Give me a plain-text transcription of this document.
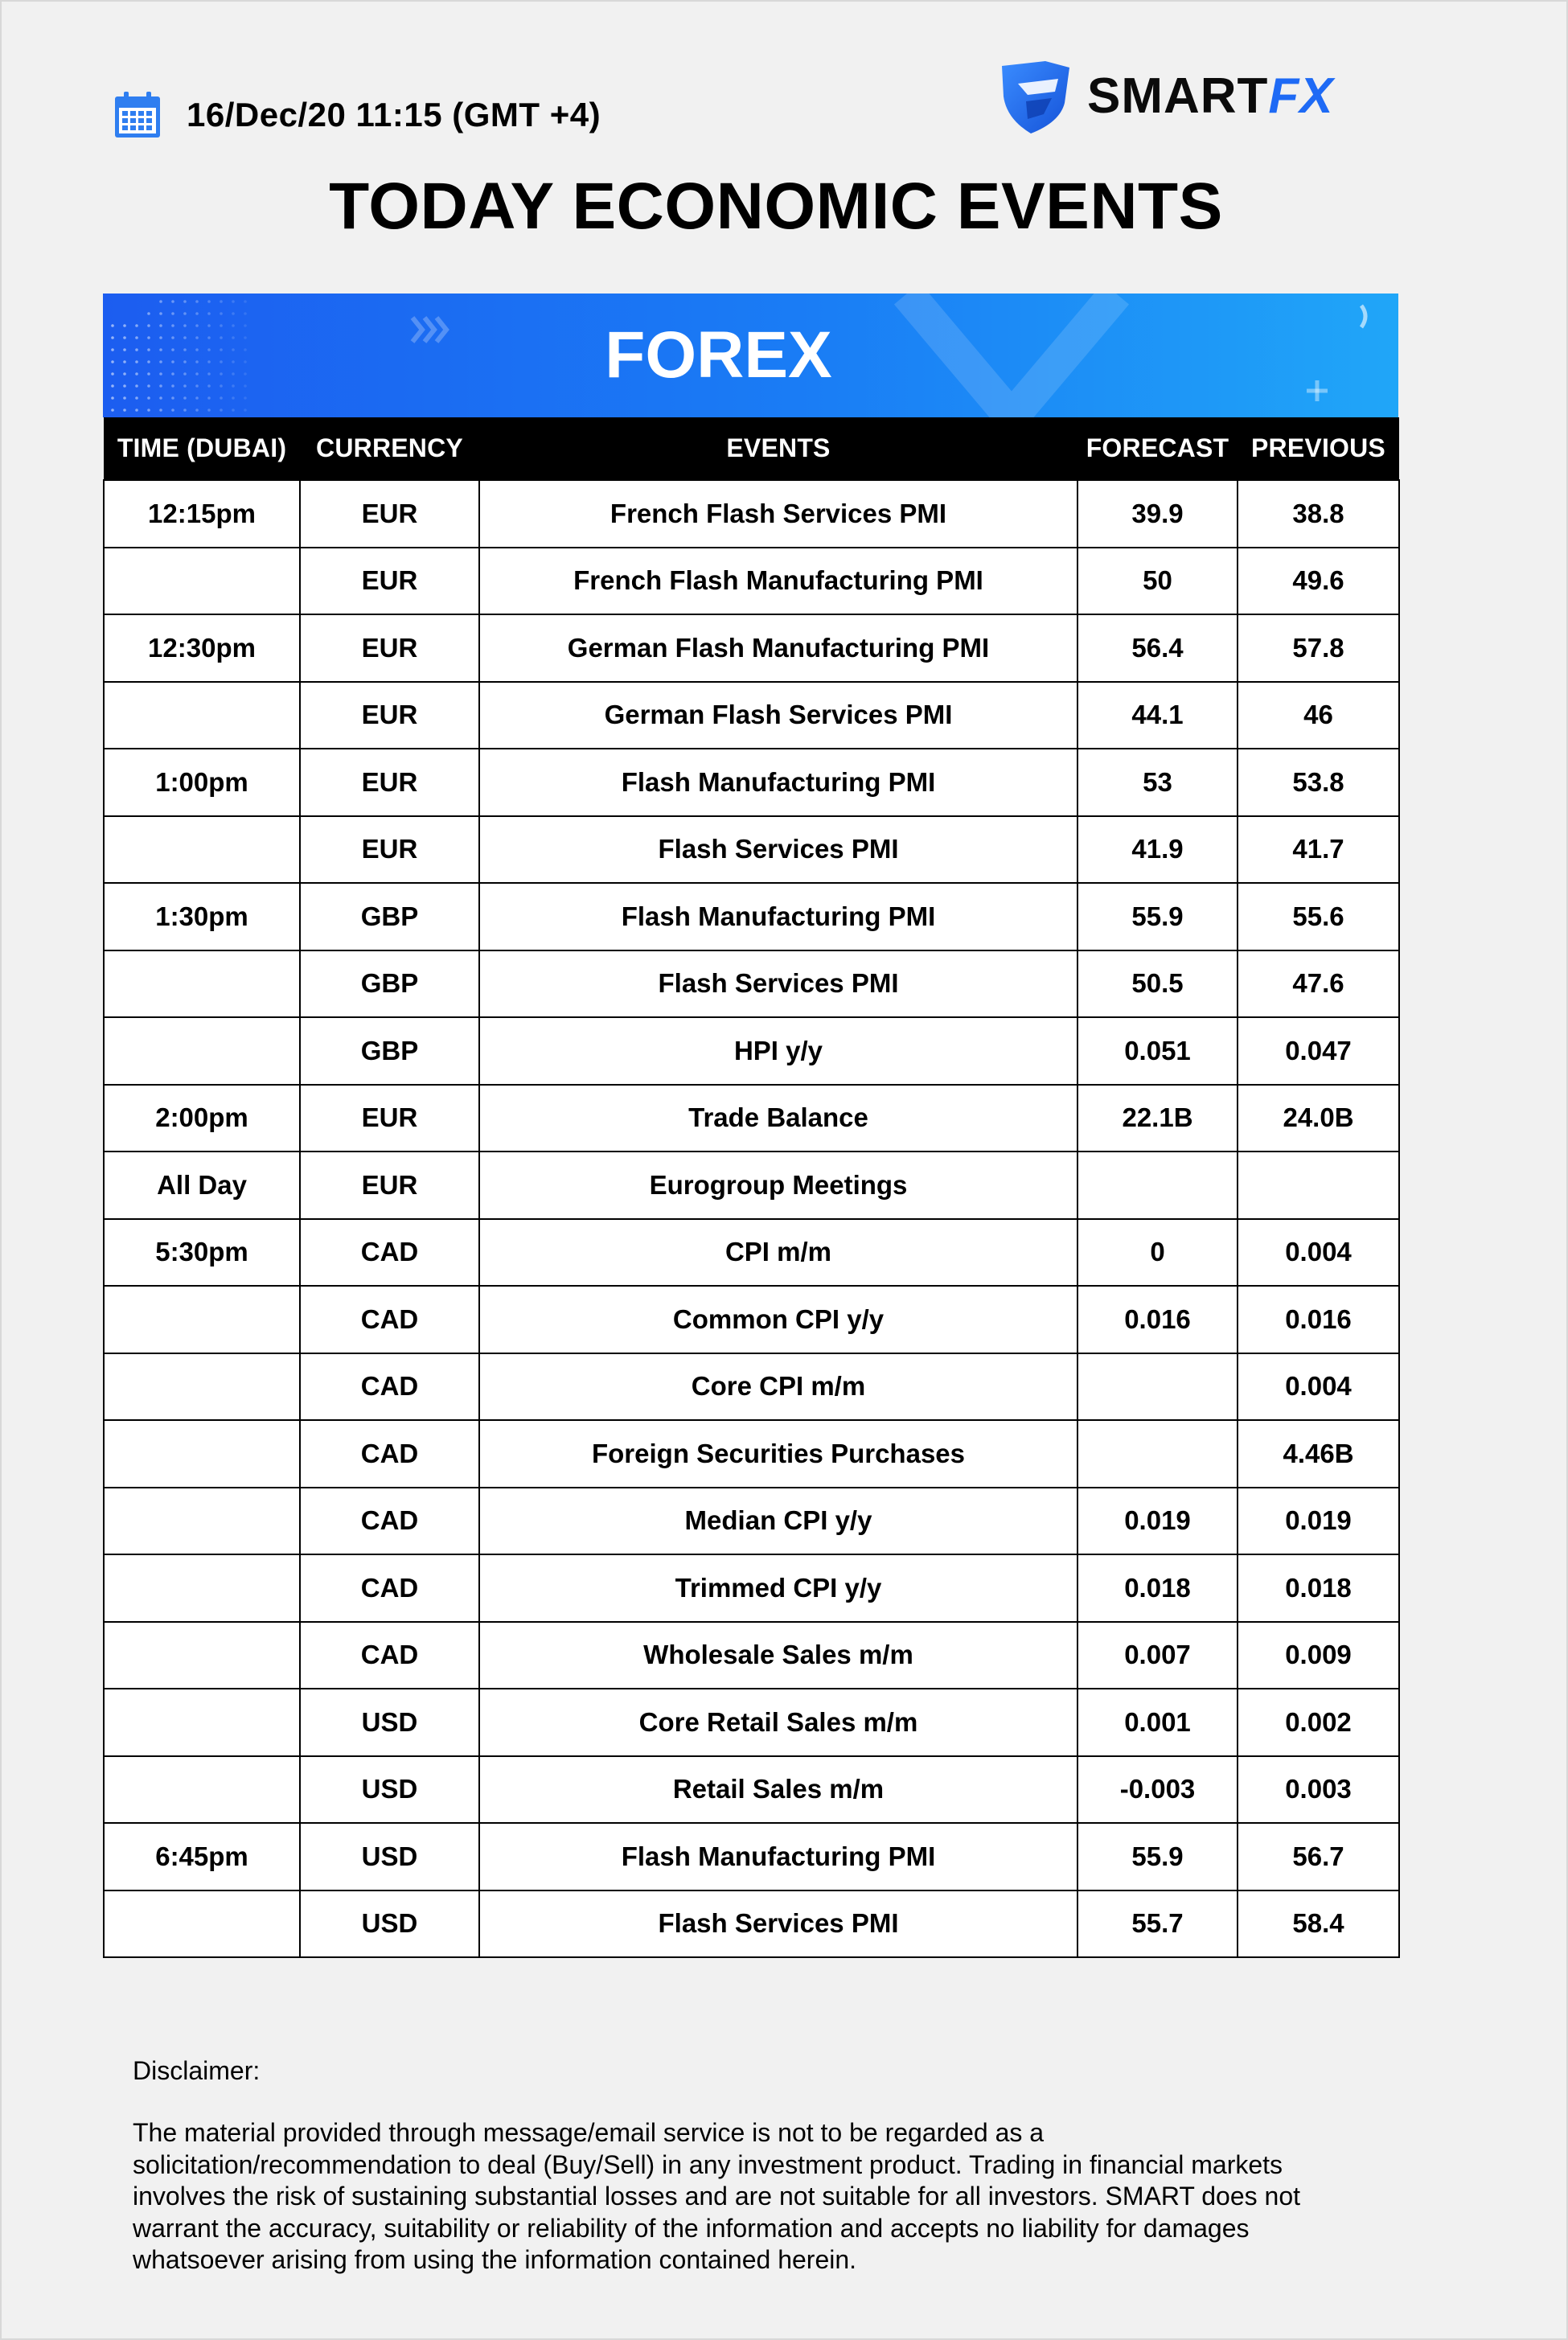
16/Dec/20 11:15 (GMT +4)	SMARTFX
TODAY ECONOMIC EVENTS
FOREX
TIME (DUBAI)	CURRENCY	EVENTS	FORECAST	PREVIOUS
12:15pm	EUR	French Flash Services PMI	39.9	38.8
	EUR	French Flash Manufacturing PMI	50	49.6
12:30pm	EUR	German Flash Manufacturing PMI	56.4	57.8
	EUR	German Flash Services PMI	44.1	46
1:00pm	EUR	Flash Manufacturing PMI	53	53.8
	EUR	Flash Services PMI	41.9	41.7
1:30pm	GBP	Flash Manufacturing PMI	55.9	55.6
	GBP	Flash Services PMI	50.5	47.6
	GBP	HPI y/y	0.051	0.047
2:00pm	EUR	Trade Balance	22.1B	24.0B
All Day	EUR	Eurogroup Meetings		
5:30pm	CAD	CPI m/m	0	0.004
	CAD	Common CPI y/y	0.016	0.016
	CAD	Core CPI m/m		0.004
	CAD	Foreign Securities Purchases		4.46B
	CAD	Median CPI y/y	0.019	0.019
	CAD	Trimmed CPI y/y	0.018	0.018
	CAD	Wholesale Sales m/m	0.007	0.009
	USD	Core Retail Sales m/m	0.001	0.002
	USD	Retail Sales m/m	-0.003	0.003
6:45pm	USD	Flash Manufacturing PMI	55.9	56.7
	USD	Flash Services PMI	55.7	58.4
Disclaimer:
The material provided through message/email service is not to be regarded as a
solicitation/recommendation to deal (Buy/Sell) in any investment product. Trading in financial markets
involves the risk of sustaining substantial losses and are not suitable for all investors. SMART does not
warrant the accuracy, suitability or reliability of the information and accepts no liability for damages
whatsoever arising from using the information contained herein.
